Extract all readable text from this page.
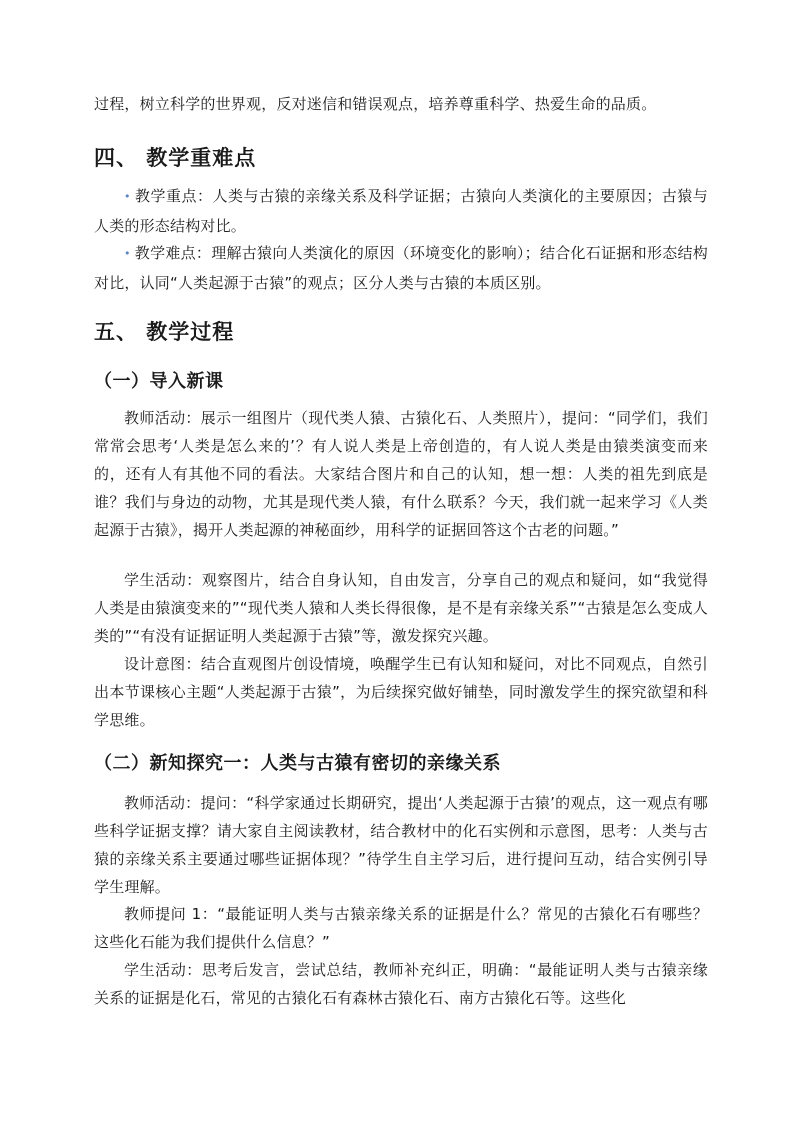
过程，树立科学的世界观，反对迷信和错误观点，培养尊重科学、热爱生命的品质。

四、 教学重难点

• 教学重点：人类与古猿的亲缘关系及科学证据；古猿向人类演化的主要原因；古猿与人类的形态结构对比。

• 教学难点：理解古猿向人类演化的原因（环境变化的影响）；结合化石证据和形态结构对比，认同“人类起源于古猿”的观点；区分人类与古猿的本质区别。

五、 教学过程
（一）导入新课

教师活动：展示一组图片（现代类人猿、古猿化石、人类照片），提问：“同学们，我们常常会思考‘人类是怎么来的’？有人说人类是上帝创造的，有人说人类是由猿类演变而来的，还有人有其他不同的看法。大家结合图片和自己的认知，想一想：人类的祖先到底是谁？我们与身边的动物，尤其是现代类人猿，有什么联系？今天，我们就一起来学习《人类起源于古猿》，揭开人类起源的神秘面纱，用科学的证据回答这个古老的问题。”

学生活动：观察图片，结合自身认知，自由发言，分享自己的观点和疑问，如“我觉得人类是由猿演变来的”“现代类人猿和人类长得很像，是不是有亲缘关系”“古猿是怎么变成人类的”“有没有证据证明人类起源于古猿”等，激发探究兴趣。

设计意图：结合直观图片创设情境，唤醒学生已有认知和疑问，对比不同观点，自然引出本节课核心主题“人类起源于古猿”，为后续探究做好铺垫，同时激发学生的探究欲望和科学思维。

（二）新知探究一：人类与古猿有密切的亲缘关系

教师活动：提问：“科学家通过长期研究，提出‘人类起源于古猿’的观点，这一观点有哪些科学证据支撑？请大家自主阅读教材，结合教材中的化石实例和示意图，思考：人类与古猿的亲缘关系主要通过哪些证据体现？”待学生自主学习后，进行提问互动，结合实例引导学生理解。

教师提问 1：“最能证明人类与古猿亲缘关系的证据是什么？常见的古猿化石有哪些？这些化石能为我们提供什么信息？”

学生活动：思考后发言，尝试总结，教师补充纠正，明确：“最能证明人类与古猿亲缘关系的证据是化石，常见的古猿化石有森林古猿化石、南方古猿化石等。这些化
